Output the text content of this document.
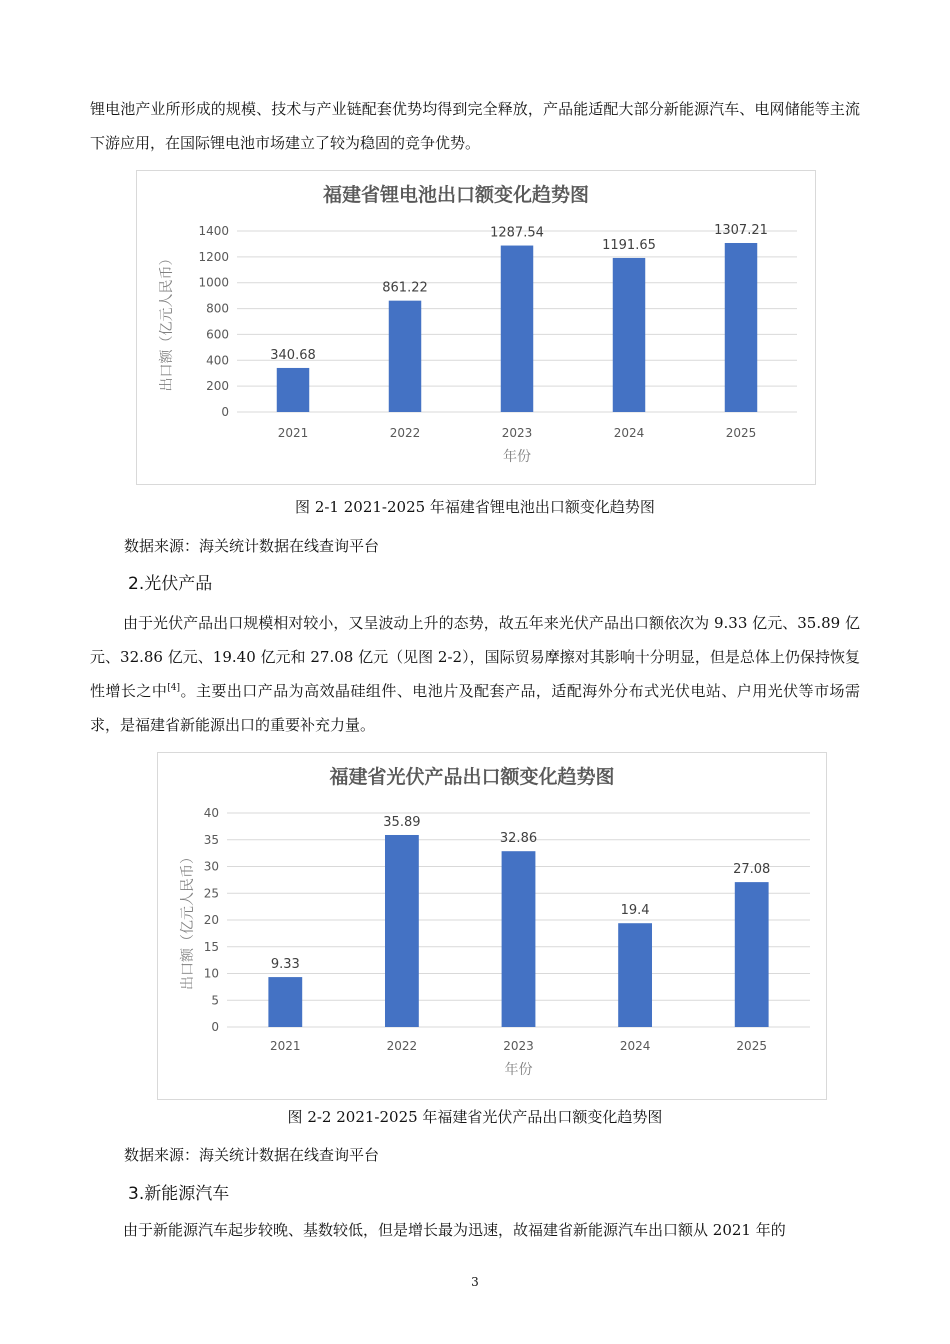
锂电池产业所形成的规模、技术与产业链配套优势均得到完全释放，产品能适配大部分新能源汽车、电网储能等主流下游应用，在国际锂电池市场建立了较为稳固的竞争优势。
福建省锂电池出口额变化趋势图
0
200
400
600
800
1000
1200
1400
340.68
2021
861.22
2022
1287.54
2023
1191.65
2024
1307.21
2025
年份
出口额（亿元人民币）
图 2-1 2021-2025 年福建省锂电池出口额变化趋势图
数据来源：海关统计数据在线查询平台
2.光伏产品
由于光伏产品出口规模相对较小，又呈波动上升的态势，故五年来光伏产品出口额依次为 9.33 亿元、35.89 亿元、32.86 亿元、19.40 亿元和 27.08 亿元（见图 2-2），国际贸易摩擦对其影响十分明显，但是总体上仍保持恢复性增长之中[4]。主要出口产品为高效晶硅组件、电池片及配套产品，适配海外分布式光伏电站、户用光伏等市场需求，是福建省新能源出口的重要补充力量。
福建省光伏产品出口额变化趋势图
0
5
10
15
20
25
30
35
40
9.33
2021
35.89
2022
32.86
2023
19.4
2024
27.08
2025
年份
出口额（亿元人民币）
图 2-2 2021-2025 年福建省光伏产品出口额变化趋势图
数据来源：海关统计数据在线查询平台
3.新能源汽车
由于新能源汽车起步较晚、基数较低，但是增长最为迅速，故福建省新能源汽车出口额从 2021 年的
3
